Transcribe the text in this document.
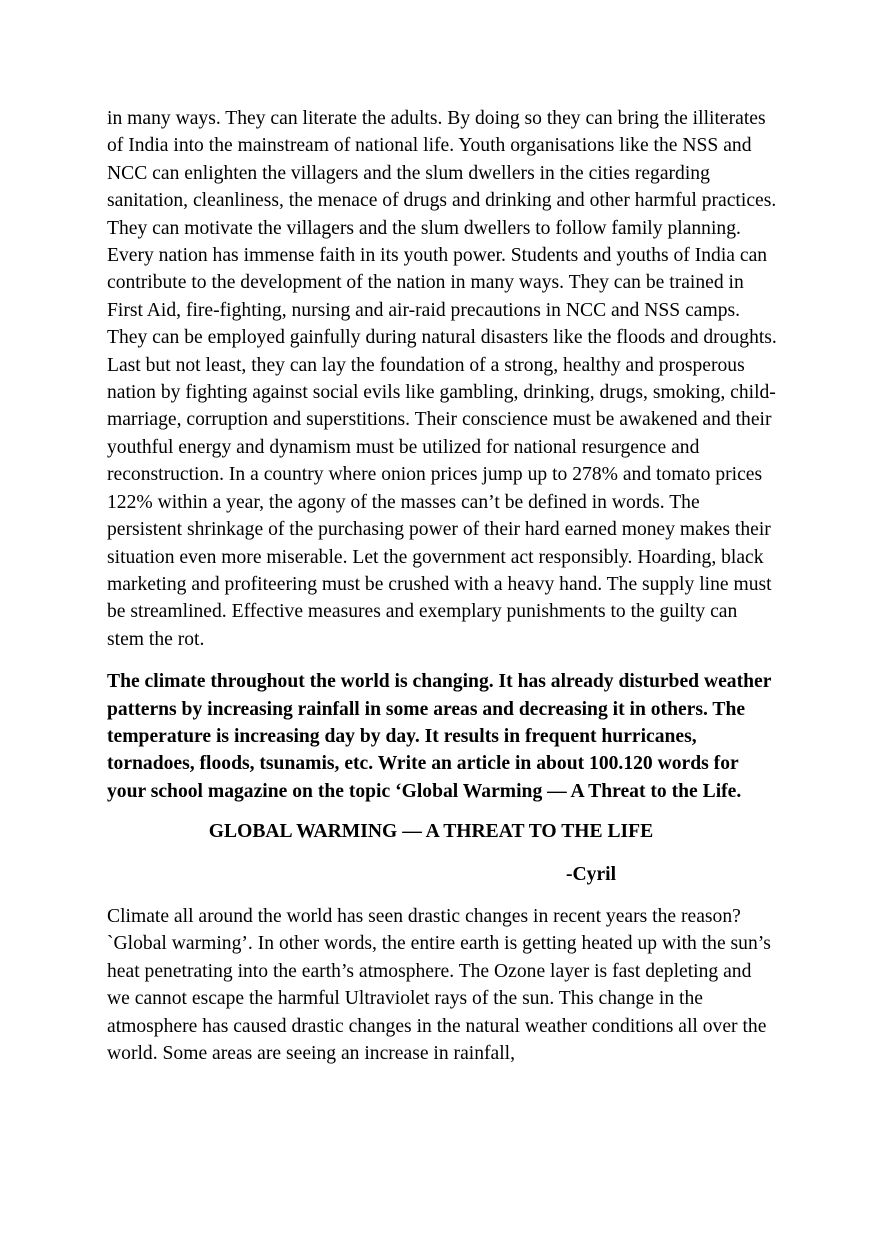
in many ways. They can literate the adults. By doing so they can bring the illiterates of India into the mainstream of national life. Youth organisations like the NSS and NCC can enlighten the villagers and the slum dwellers in the cities regarding sanitation, cleanliness, the menace of drugs and drinking and other harmful practices. They can motivate the villagers and the slum dwellers to follow family planning. Every nation has immense faith in its youth power. Students and youths of India can contribute to the development of the nation in many ways. They can be trained in First Aid, fire-fighting, nursing and air-raid precautions in NCC and NSS camps. They can be employed gainfully during natural disasters like the floods and droughts. Last but not least, they can lay the foundation of a strong, healthy and prosperous nation by fighting against social evils like gambling, drinking, drugs, smoking, child-marriage, corruption and superstitions. Their conscience must be awakened and their youthful energy and dynamism must be utilized for national resurgence and reconstruction. In a country where onion prices jump up to 278% and tomato prices 122% within a year, the agony of the masses can’t be defined in words. The persistent shrinkage of the purchasing power of their hard earned money makes their situation even more miserable. Let the government act responsibly. Hoarding, black marketing and profiteering must be crushed with a heavy hand. The supply line must be streamlined. Effective measures and exemplary punishments to the guilty can stem the rot.

The climate throughout the world is changing. It has already disturbed weather patterns by increasing rainfall in some areas and decreasing it in others. The temperature is increasing day by day. It results in frequent hurricanes, tornadoes, floods, tsunamis, etc. Write an article in about 100.120 words for your school magazine on the topic ‘Global Warming — A Threat to the Life.

GLOBAL WARMING — A THREAT TO THE LIFE

-Cyril

Climate all around the world has seen drastic changes in recent years the reason? `Global warming’. In other words, the entire earth is getting heated up with the sun’s heat penetrating into the earth’s atmosphere. The Ozone layer is fast depleting and we cannot escape the harmful Ultraviolet rays of the sun. This change in the atmosphere has caused drastic changes in the natural weather conditions all over the world. Some areas are seeing an increase in rainfall,
